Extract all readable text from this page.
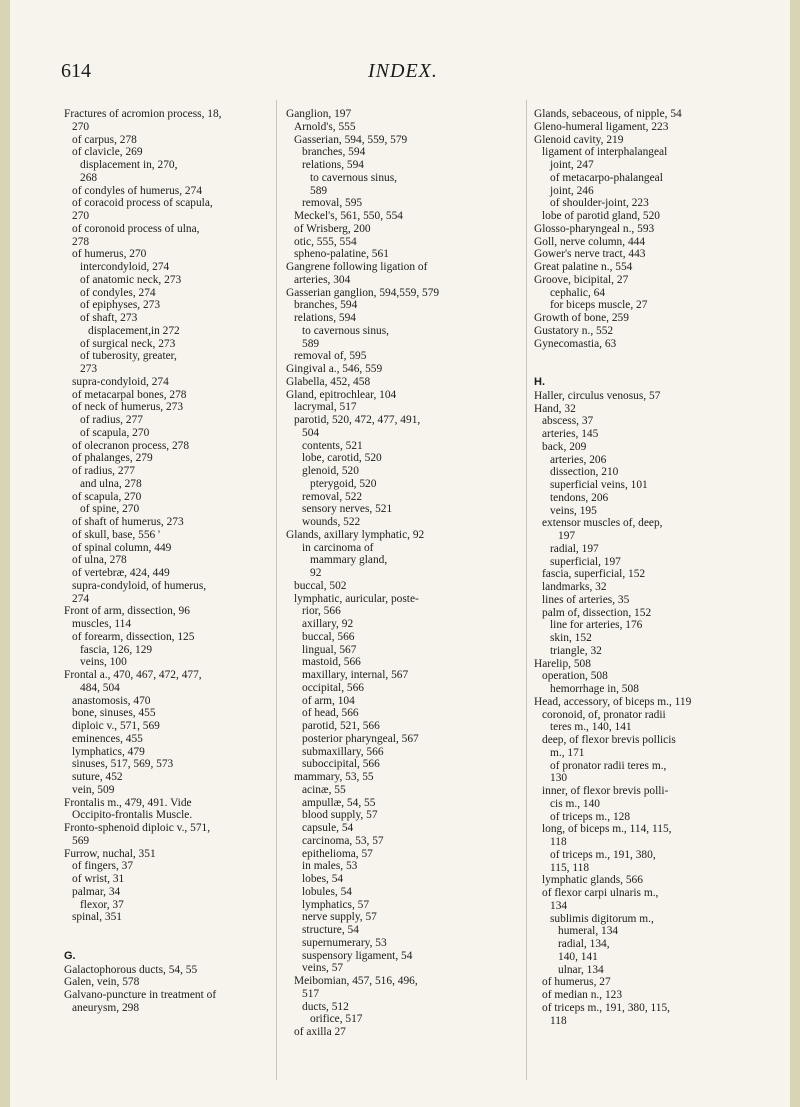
614	INDEX.
Fractures of acromion process, 18,
270
of carpus, 278
of clavicle, 269
displacement in, 270,
268
of condyles of humerus, 274
of coracoid process of scapula,
270
of coronoid process of ulna,
278
of humerus, 270
intercondyloid, 274
of anatomic neck, 273
of condyles, 274
of epiphyses, 273
of shaft, 273
displacement,in 272
of surgical neck, 273
of tuberosity, greater,
273
supra-condyloid, 274
of metacarpal bones, 278
of neck of humerus, 273
of radius, 277
of scapula, 270
of olecranon process, 278
of phalanges, 279
of radius, 277
and ulna, 278
of scapula, 270
of spine, 270
of shaft of humerus, 273
of skull, base, 556 '
of spinal column, 449
of ulna, 278
of vertebræ, 424, 449
supra-condyloid, of humerus,
274
Front of arm, dissection, 96
muscles, 114
of forearm, dissection, 125
fascia, 126, 129
veins, 100
Frontal a., 470, 467, 472, 477,
484, 504
anastomosis, 470
bone, sinuses, 455
diploic v., 571, 569
eminences, 455
lymphatics, 479
sinuses, 517, 569, 573
suture, 452
vein, 509
Frontalis m., 479, 491. Vide
Occipito-frontalis Muscle.
Fronto-sphenoid diploic v., 571,
569
Furrow, nuchal, 351
of fingers, 37
of wrist, 31
palmar, 34
flexor, 37
spinal, 351
G.
Galactophorous ducts, 54, 55
Galen, vein, 578
Galvano-puncture in treatment of
aneurysm, 298
Ganglion, 197
Arnold's, 555
Gasserian, 594, 559, 579
branches, 594
relations, 594
to cavernous sinus,
589
removal, 595
Meckel's, 561, 550, 554
of Wrisberg, 200
otic, 555, 554
spheno-palatine, 561
Gangrene following ligation of
arteries, 304
Gasserian ganglion, 594,559, 579
branches, 594
relations, 594
to cavernous sinus,
589
removal of, 595
Gingival a., 546, 559
Glabella, 452, 458
Gland, epitrochlear, 104
lacrymal, 517
parotid, 520, 472, 477, 491,
504
contents, 521
lobe, carotid, 520
glenoid, 520
pterygoid, 520
removal, 522
sensory nerves, 521
wounds, 522
Glands, axillary lymphatic, 92
in carcinoma of
mammary gland,
92
buccal, 502
lymphatic, auricular, poste-
rior, 566
axillary, 92
buccal, 566
lingual, 567
mastoid, 566
maxillary, internal, 567
occipital, 566
of arm, 104
of head, 566
parotid, 521, 566
posterior pharyngeal, 567
submaxillary, 566
suboccipital, 566
mammary, 53, 55
acinæ, 55
ampullæ, 54, 55
blood supply, 57
capsule, 54
carcinoma, 53, 57
epithelioma, 57
in males, 53
lobes, 54
lobules, 54
lymphatics, 57
nerve supply, 57
structure, 54
supernumerary, 53
suspensory ligament, 54
veins, 57
Meibomian, 457, 516, 496,
517
ducts, 512
orifice, 517
of axilla 27
Glands, sebaceous, of nipple, 54
Gleno-humeral ligament, 223
Glenoid cavity, 219
ligament of interphalangeal
joint, 247
of metacarpo-phalangeal
joint, 246
of shoulder-joint, 223
lobe of parotid gland, 520
Glosso-pharyngeal n., 593
Goll, nerve column, 444
Gower's nerve tract, 443
Great palatine n., 554
Groove, bicipital, 27
cephalic, 64
for biceps muscle, 27
Growth of bone, 259
Gustatory n., 552
Gynecomastia, 63
H.
Haller, circulus venosus, 57
Hand, 32
abscess, 37
arteries, 145
back, 209
arteries, 206
dissection, 210
superficial veins, 101
tendons, 206
veins, 195
extensor muscles of, deep,
197
radial, 197
superficial, 197
fascia, superficial, 152
landmarks, 32
lines of arteries, 35
palm of, dissection, 152
line for arteries, 176
skin, 152
triangle, 32
Harelip, 508
operation, 508
hemorrhage in, 508
Head, accessory, of biceps m., 119
coronoid, of, pronator radii
teres m., 140, 141
deep, of flexor brevis pollicis
m., 171
of pronator radii teres m.,
130
inner, of flexor brevis polli-
cis m., 140
of triceps m., 128
long, of biceps m., 114, 115,
118
of triceps m., 191, 380,
115, 118
lymphatic glands, 566
of flexor carpi ulnaris m.,
134
sublimis digitorum m.,
humeral, 134
radial, 134,
140, 141
ulnar, 134
of humerus, 27
of median n., 123
of triceps m., 191, 380, 115,
118
